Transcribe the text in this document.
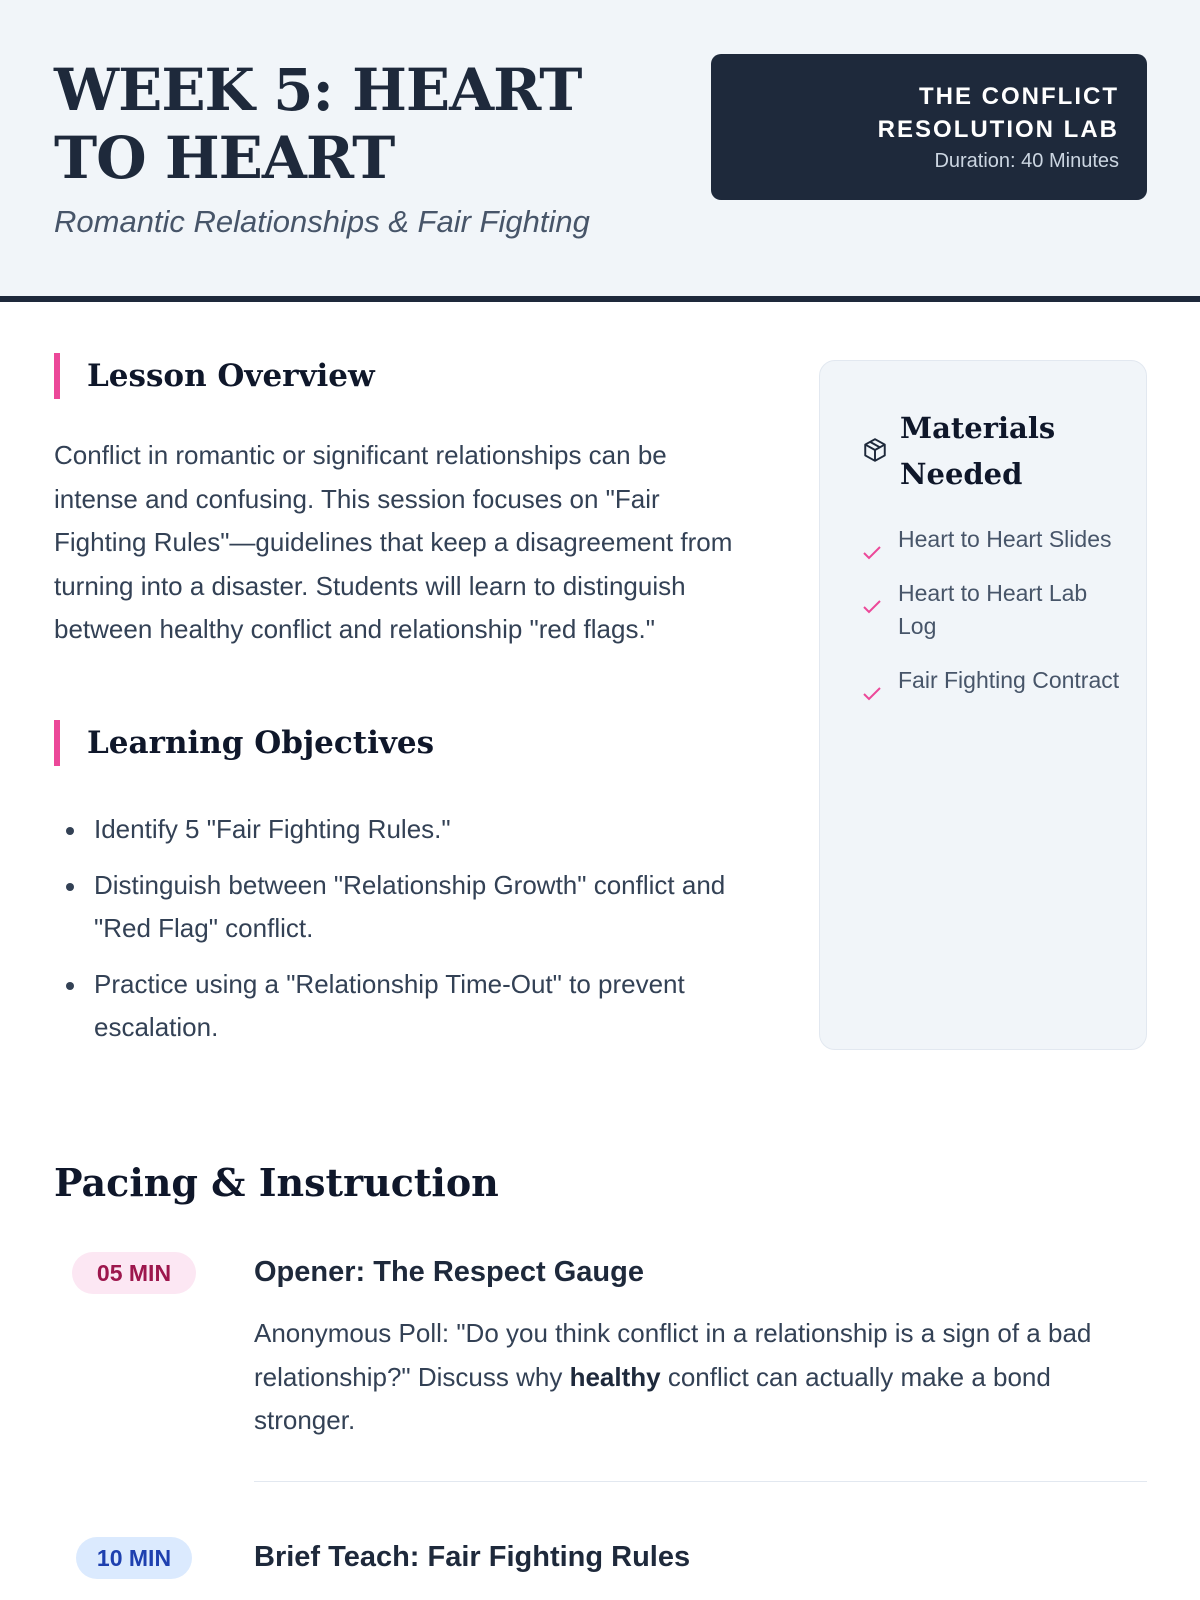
WEEK 5: HEART TO HEART
Romantic Relationships & Fair Fighting
THE CONFLICT RESOLUTION LAB
Duration: 40 Minutes
Lesson Overview

Conflict in romantic or significant relationships can be intense and confusing. This session focuses on "Fair Fighting Rules"—guidelines that keep a disagreement from turning into a disaster. Students will learn to distinguish between healthy conflict and relationship "red flags."

Learning Objectives
Identify 5 "Fair Fighting Rules."
Distinguish between "Relationship Growth" conflict and "Red Flag" conflict.
Practice using a "Relationship Time-Out" to prevent escalation.
Materials Needed
Heart to Heart Slides
Heart to Heart Lab Log
Fair Fighting Contract
Pacing & Instruction
05 MIN	Opener: The Respect Gauge

Anonymous Poll: "Do you think conflict in a relationship is a sign of a bad relationship?" Discuss why healthy conflict can actually make a bond stronger.

10 MIN	Brief Teach: Fair Fighting Rules
